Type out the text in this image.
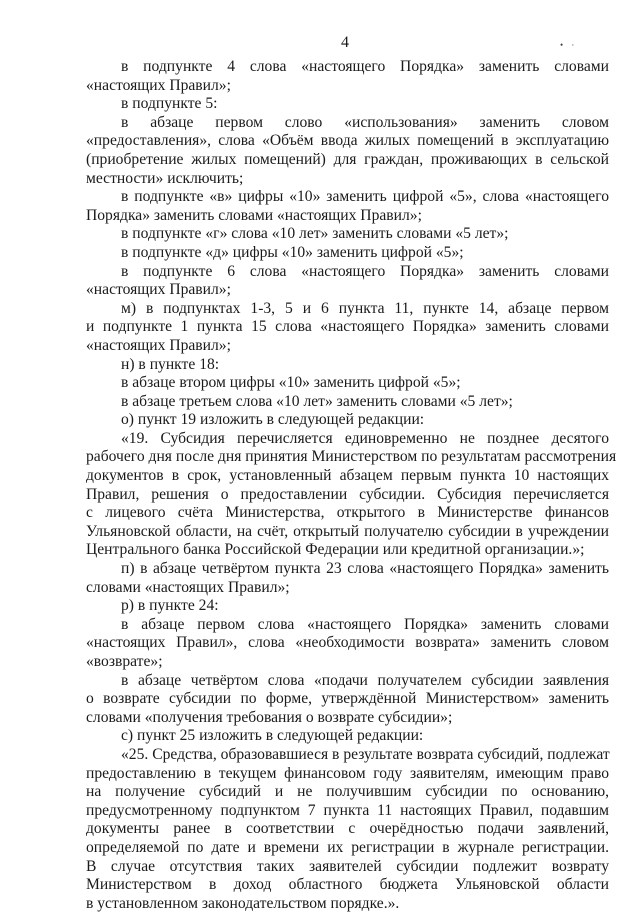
4	• ·
в подпунктe 4 слова «настоящего Порядка» заменить словами
«настоящих Правил»;
в подпункте 5:
в абзаце первом слово «использования» заменить словом
«предоставления», слова «Объём ввода жилых помещений в эксплуатацию
(приобретение жилых помещений) для граждан, проживающих в сельской
местности» исключить;
в подпункте «в» цифры «10» заменить цифрой «5», слова «настоящего
Порядка» заменить словами «настоящих Правил»;
в подпункте «г» слова «10 лет» заменить словами «5 лет»;
в подпункте «д» цифры «10» заменить цифрой «5»;
в подпункте 6 слова «настоящего Порядка» заменить словами
«настоящих Правил»;
м) в подпунктах 1-3, 5 и 6 пункта 11, пункте 14, абзаце первом
и подпункте 1 пункта 15 слова «настоящего Порядка» заменить словами
«настоящих Правил»;
н) в пункте 18:
в абзаце втором цифры «10» заменить цифрой «5»;
в абзаце третьем слова «10 лет» заменить словами «5 лет»;
о) пункт 19 изложить в следующей редакции:
«19. Субсидия перечисляется единовременно не позднее десятого
рабочего дня после дня принятия Министерством по результатам рассмотрения
документов в срок, установленный абзацем первым пункта 10 настоящих
Правил, решения о предоставлении субсидии. Субсидия перечисляется
с лицевого счёта Министерства, открытого в Министерстве финансов
Ульяновской области, на счёт, открытый получателю субсидии в учреждении
Центрального банка Российской Федерации или кредитной организации.»;
п) в абзаце четвёртом пункта 23 слова «настоящего Порядка» заменить
словами «настоящих Правил»;
р) в пункте 24:
в абзаце первом слова «настоящего Порядка» заменить словами
«настоящих Правил», слова «необходимости возврата» заменить словом
«возврате»;
в абзаце четвёртом слова «подачи получателем субсидии заявления
о возврате субсидии по форме, утверждённой Министерством» заменить
словами «получения требования о возврате субсидии»;
с) пункт 25 изложить в следующей редакции:
«25. Средства, образовавшиеся в результате возврата субсидий, подлежат
предоставлению в текущем финансовом году заявителям, имеющим право
на получение субсидий и не получившим субсидии по основанию,
предусмотренному подпунктом 7 пункта 11 настоящих Правил, подавшим
документы ранее в соответствии с очерёдностью подачи заявлений,
определяемой по дате и времени их регистрации в журнале регистрации.
В случае отсутствия таких заявителей субсидии подлежит возврату
Министерством в доход областного бюджета Ульяновской области
в установленном законодательством порядке.».
